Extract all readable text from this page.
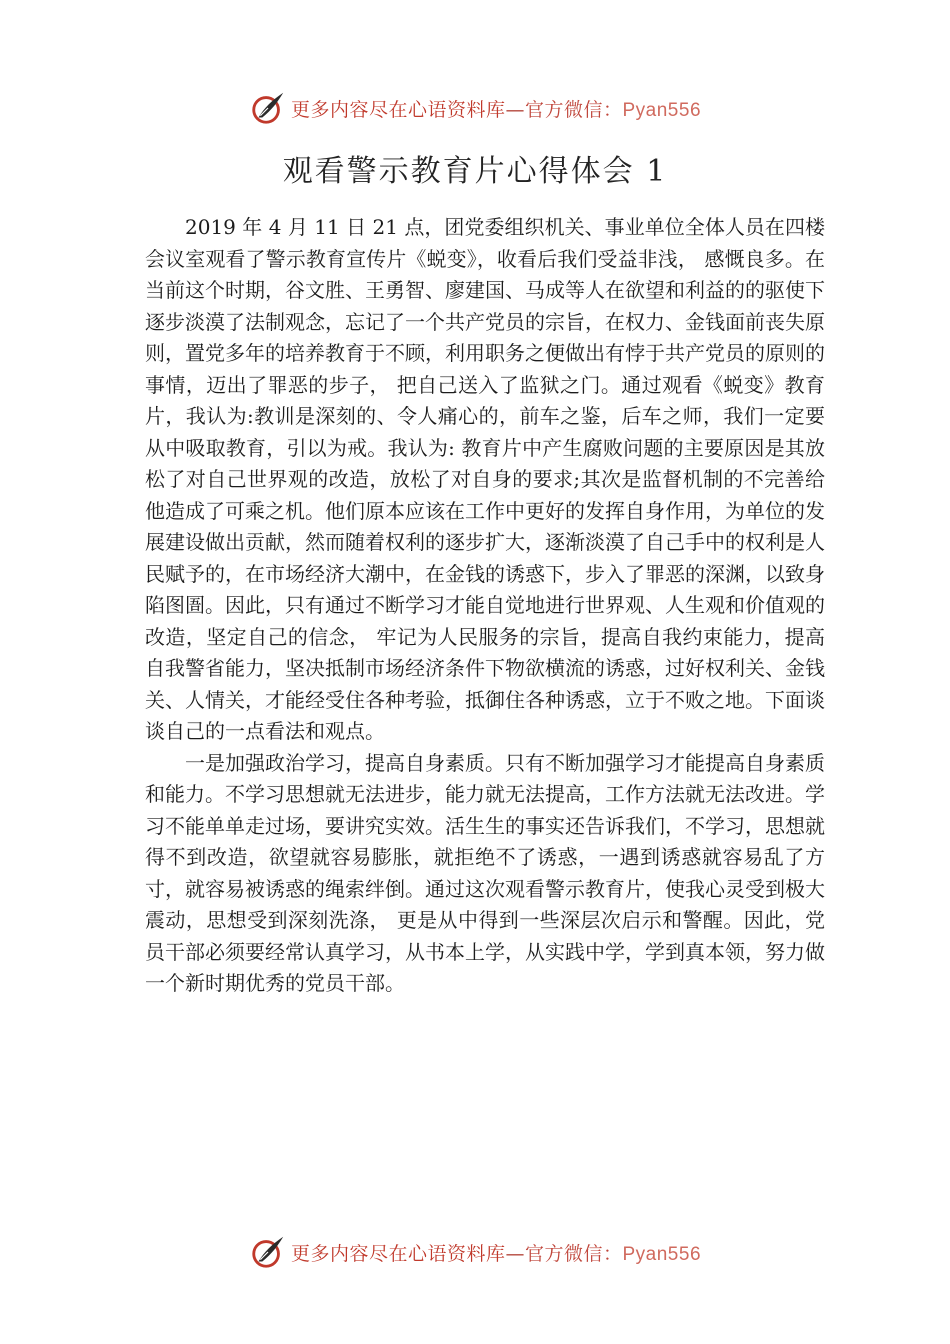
更多内容尽在心语资料库—官方微信：Pyan556
观看警示教育片心得体会 1

2019 年 4 月 11 日 21 点，团党委组织机关、事业单位全体人员在四楼会议室观看了警示教育宣传片《蜕变》，收看后我们受益非浅， 感慨良多。在当前这个时期，谷文胜、王勇智、廖建国、马成等人在欲望和利益的的驱使下逐步淡漠了法制观念，忘记了一个共产党员的宗旨，在权力、金钱面前丧失原则，置党多年的培养教育于不顾，利用职务之便做出有悖于共产党员的原则的事情，迈出了罪恶的步子， 把自己送入了监狱之门。通过观看《蜕变》教育片，我认为:教训是深刻的、令人痛心的，前车之鉴，后车之师，我们一定要从中吸取教育，引以为戒。我认为: 教育片中产生腐败问题的主要原因是其放松了对自己世界观的改造，放松了对自身的要求;其次是监督机制的不完善给他造成了可乘之机。他们原本应该在工作中更好的发挥自身作用，为单位的发展建设做出贡献，然而随着权利的逐步扩大，逐渐淡漠了自己手中的权利是人民赋予的，在市场经济大潮中，在金钱的诱惑下，步入了罪恶的深渊，以致身陷图圄。因此，只有通过不断学习才能自觉地进行世界观、人生观和价值观的改造，坚定自己的信念， 牢记为人民服务的宗旨，提高自我约束能力，提高自我警省能力，坚决抵制市场经济条件下物欲横流的诱惑，过好权利关、金钱关、人情关，才能经受住各种考验，抵御住各种诱惑，立于不败之地。下面谈谈自己的一点看法和观点。

一是加强政治学习，提高自身素质。只有不断加强学习才能提高自身素质和能力。不学习思想就无法进步，能力就无法提高，工作方法就无法改进。学习不能单单走过场，要讲究实效。活生生的事实还告诉我们，不学习，思想就得不到改造，欲望就容易膨胀，就拒绝不了诱惑，一遇到诱惑就容易乱了方寸，就容易被诱惑的绳索绊倒。通过这次观看警示教育片，使我心灵受到极大震动，思想受到深刻洗涤， 更是从中得到一些深层次启示和警醒。因此，党员干部必须要经常认真学习，从书本上学，从实践中学，学到真本领，努力做一个新时期优秀的党员干部。

更多内容尽在心语资料库—官方微信：Pyan556
